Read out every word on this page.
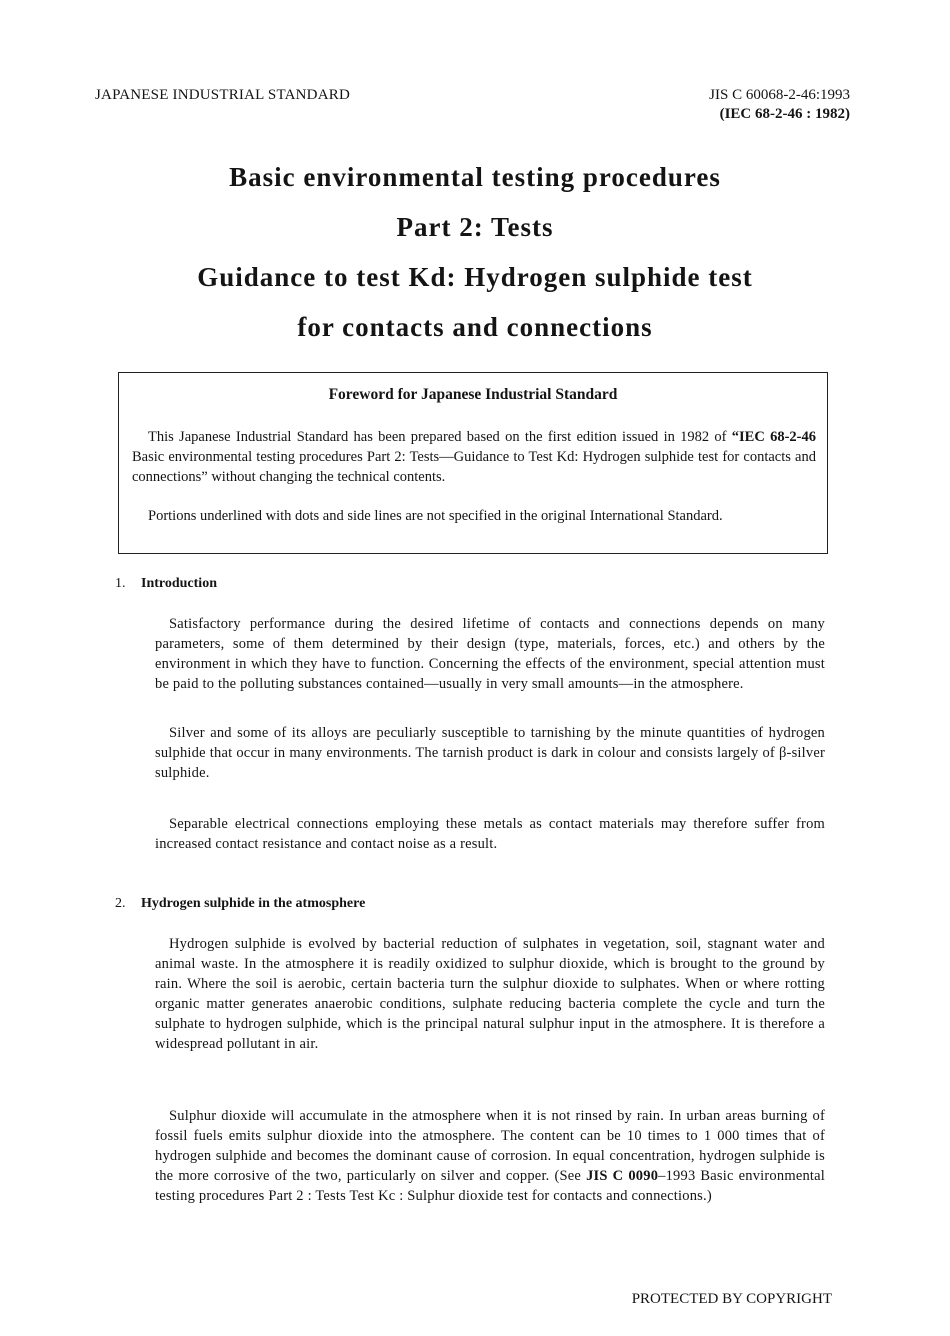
JAPANESE INDUSTRIAL STANDARD	JIS C 60068-2-46:1993
(IEC 68-2-46 : 1982)
Basic environmental testing procedures
Part 2: Tests
Guidance to test Kd: Hydrogen sulphide test
for contacts and connections
Foreword for Japanese Industrial Standard
This Japanese Industrial Standard has been prepared based on the first edition issued in 1982 of “IEC 68-2-46 Basic environmental testing procedures Part 2: Tests—Guidance to Test Kd: Hydrogen sulphide test for contacts and connections” without changing the technical contents.
Portions underlined with dots and side lines are not specified in the original International Standard.
1. Introduction
Satisfactory performance during the desired lifetime of contacts and connections depends on many parameters, some of them determined by their design (type, materials, forces, etc.) and others by the environment in which they have to function. Concerning the effects of the environment, special attention must be paid to the polluting substances contained—usually in very small amounts—in the atmosphere.
Silver and some of its alloys are peculiarly susceptible to tarnishing by the minute quantities of hydrogen sulphide that occur in many environments. The tarnish product is dark in colour and consists largely of β-silver sulphide.
Separable electrical connections employing these metals as contact materials may therefore suffer from increased contact resistance and contact noise as a result.
2. Hydrogen sulphide in the atmosphere
Hydrogen sulphide is evolved by bacterial reduction of sulphates in vegetation, soil, stagnant water and animal waste. In the atmosphere it is readily oxidized to sulphur dioxide, which is brought to the ground by rain. Where the soil is aerobic, certain bacteria turn the sulphur dioxide to sulphates. When or where rotting organic matter generates anaerobic conditions, sulphate reducing bacteria complete the cycle and turn the sulphate to hydrogen sulphide, which is the principal natural sulphur input in the atmosphere. It is therefore a widespread pollutant in air.
Sulphur dioxide will accumulate in the atmosphere when it is not rinsed by rain. In urban areas burning of fossil fuels emits sulphur dioxide into the atmosphere. The content can be 10 times to 1 000 times that of hydrogen sulphide and becomes the dominant cause of corrosion. In equal concentration, hydrogen sulphide is the more corrosive of the two, particularly on silver and copper. (See JIS C 0090–1993 Basic environmental testing procedures Part 2 : Tests Test Kc : Sulphur dioxide test for contacts and connections.)
PROTECTED BY COPYRIGHT
